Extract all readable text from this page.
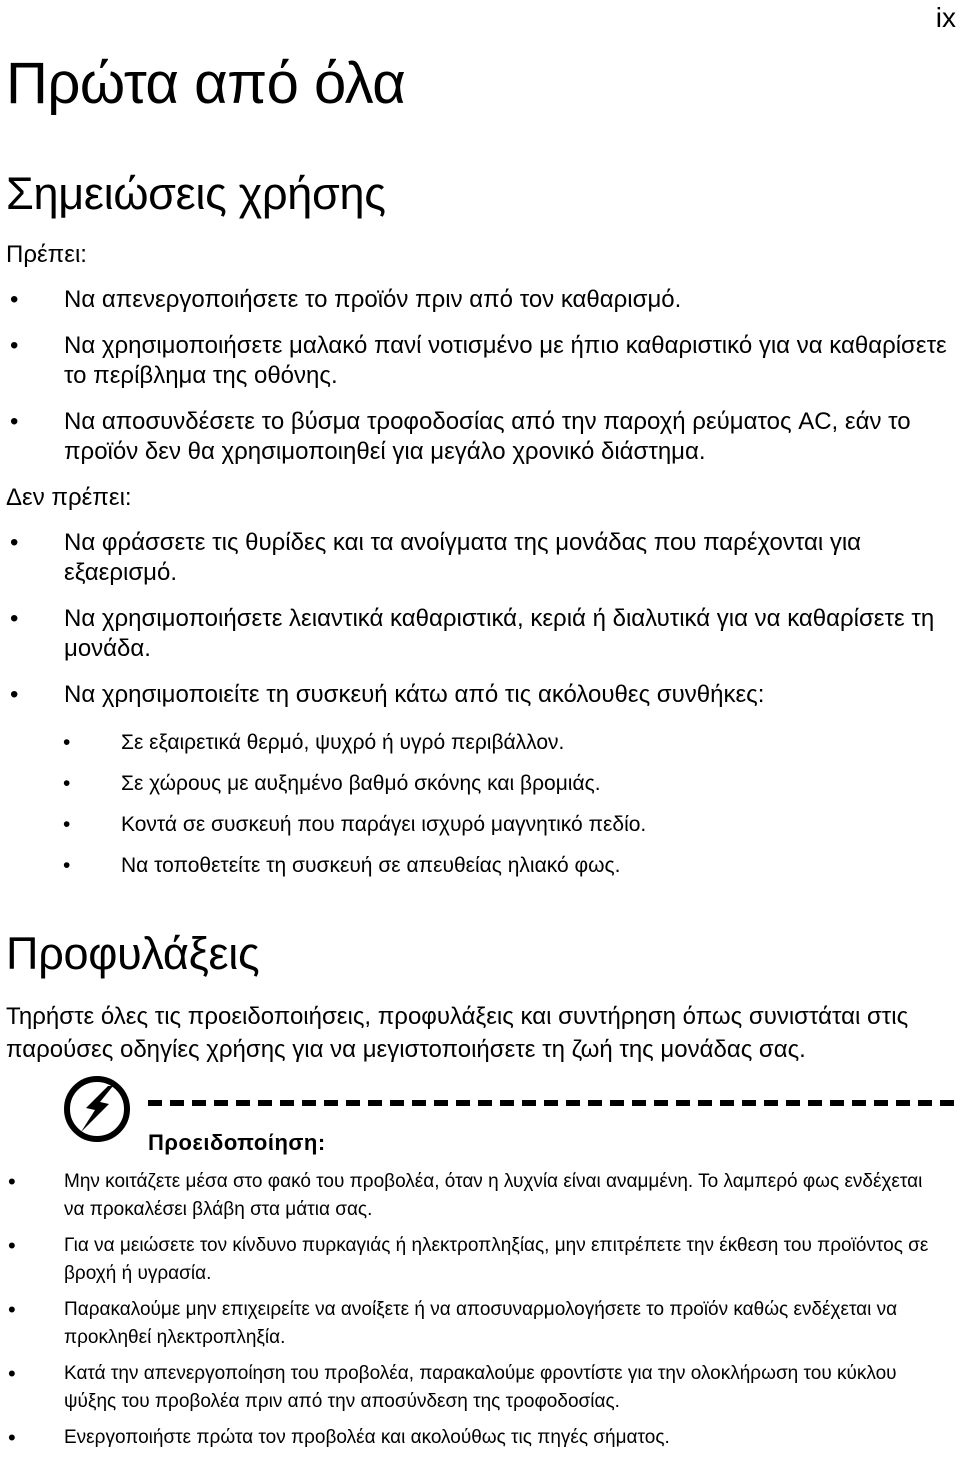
ix
Πρώτα από όλα
Σημειώσεις χρήσης
Πρέπει:
• Να απενεργοποιήσετε το προϊόν πριν από τον καθαρισμό.
• Να χρησιμοποιήσετε μαλακό πανί νοτισμένο με ήπιο καθαριστικό για να καθαρίσετε το περίβλημα της οθόνης.
• Να αποσυνδέσετε το βύσμα τροφοδοσίας από την παροχή ρεύματος AC, εάν το προϊόν δεν θα χρησιμοποιηθεί για μεγάλο χρονικό διάστημα.
Δεν πρέπει:
• Να φράσσετε τις θυρίδες και τα ανοίγματα της μονάδας που παρέχονται για εξαερισμό.
• Να χρησιμοποιήσετε λειαντικά καθαριστικά, κεριά ή διαλυτικά για να καθαρίσετε τη μονάδα.
• Να χρησιμοποιείτε τη συσκευή κάτω από τις ακόλουθες συνθήκες:
• Σε εξαιρετικά θερμό, ψυχρό ή υγρό περιβάλλον.
• Σε χώρους με αυξημένο βαθμό σκόνης και βρομιάς.
• Κοντά σε συσκευή που παράγει ισχυρό μαγνητικό πεδίο.
• Να τοποθετείτε τη συσκευή σε απευθείας ηλιακό φως.
Προφυλάξεις

Τηρήστε όλες τις προειδοποιήσεις, προφυλάξεις και συντήρηση όπως συνιστάται στις παρούσες οδηγίες χρήσης για να μεγιστοποιήσετε τη ζωή της μονάδας σας.

Προειδοποίηση:
•	Μην κοιτάζετε μέσα στο φακό του προβολέα, όταν η λυχνία είναι αναμμένη. Το λαμπερό φως ενδέχεται να προκαλέσει βλάβη στα μάτια σας.
•	Για να μειώσετε τον κίνδυνο πυρκαγιάς ή ηλεκτροπληξίας, μην επιτρέπετε την έκθεση του προϊόντος σε βροχή ή υγρασία.
•	Παρακαλούμε μην επιχειρείτε να ανοίξετε ή να αποσυναρμολογήσετε το προϊόν καθώς ενδέχεται να προκληθεί ηλεκτροπληξία.
•	Κατά την απενεργοποίηση του προβολέα, παρακαλούμε φροντίστε για την ολοκλήρωση του κύκλου ψύξης του προβολέα πριν από την αποσύνδεση της τροφοδοσίας.
•	Ενεργοποιήστε πρώτα τον προβολέα και ακολούθως τις πηγές σήματος.
